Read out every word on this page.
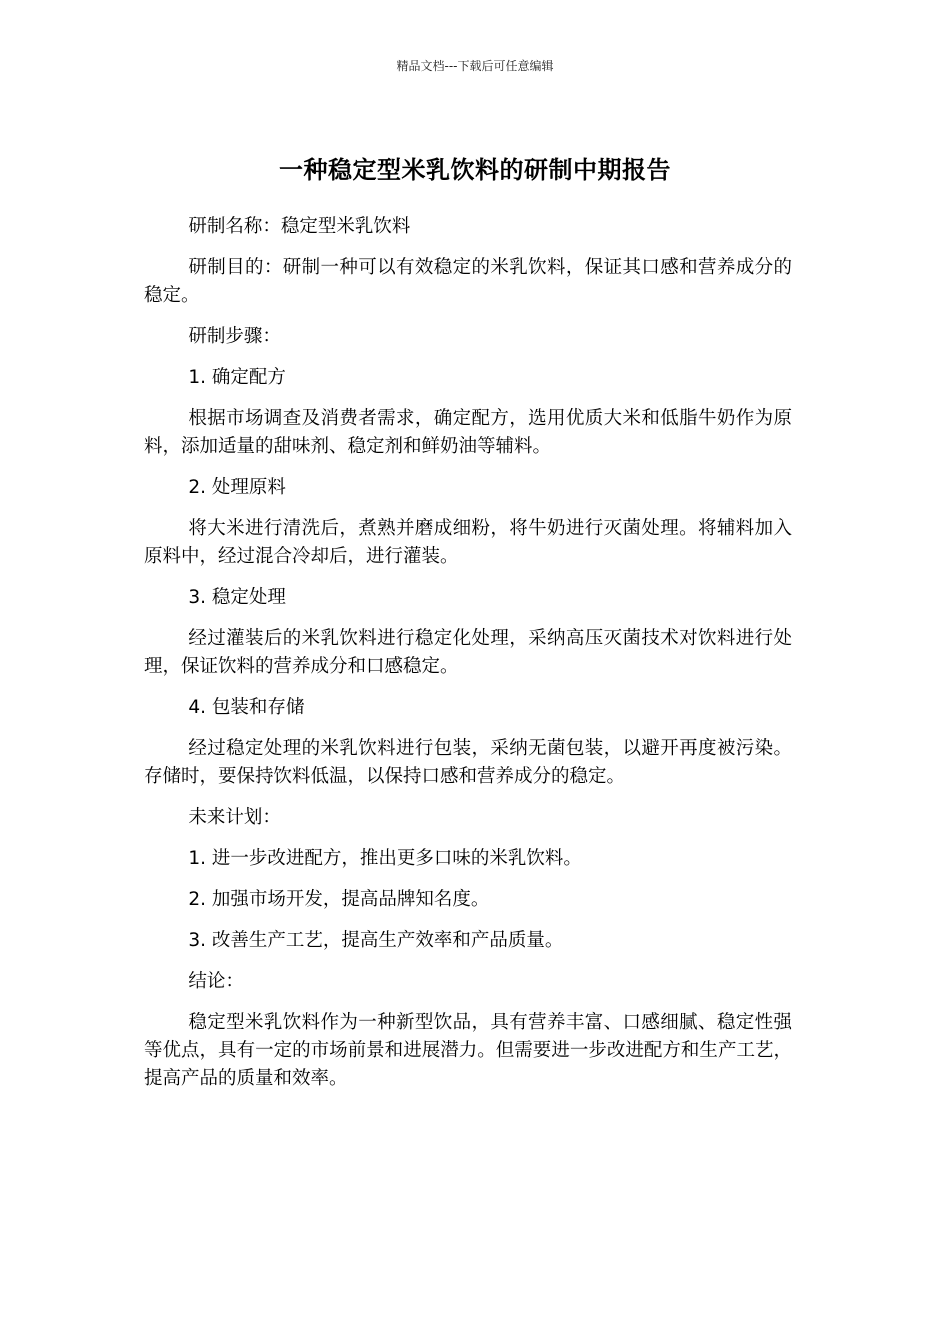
精品文档---下载后可任意编辑
一种稳定型米乳饮料的研制中期报告

研制名称：稳定型米乳饮料

研制目的：研制一种可以有效稳定的米乳饮料，保证其口感和营养成分的稳定。

研制步骤：

1. 确定配方

根据市场调查及消费者需求，确定配方，选用优质大米和低脂牛奶作为原料，添加适量的甜味剂、稳定剂和鲜奶油等辅料。

2. 处理原料

将大米进行清洗后，煮熟并磨成细粉，将牛奶进行灭菌处理。将辅料加入原料中，经过混合冷却后，进行灌装。

3. 稳定处理

经过灌装后的米乳饮料进行稳定化处理，采纳高压灭菌技术对饮料进行处理，保证饮料的营养成分和口感稳定。

4. 包装和存储

经过稳定处理的米乳饮料进行包装，采纳无菌包装，以避开再度被污染。存储时，要保持饮料低温，以保持口感和营养成分的稳定。

未来计划：

1. 进一步改进配方，推出更多口味的米乳饮料。

2. 加强市场开发，提高品牌知名度。

3. 改善生产工艺，提高生产效率和产品质量。

结论：

稳定型米乳饮料作为一种新型饮品，具有营养丰富、口感细腻、稳定性强等优点，具有一定的市场前景和进展潜力。但需要进一步改进配方和生产工艺，提高产品的质量和效率。
